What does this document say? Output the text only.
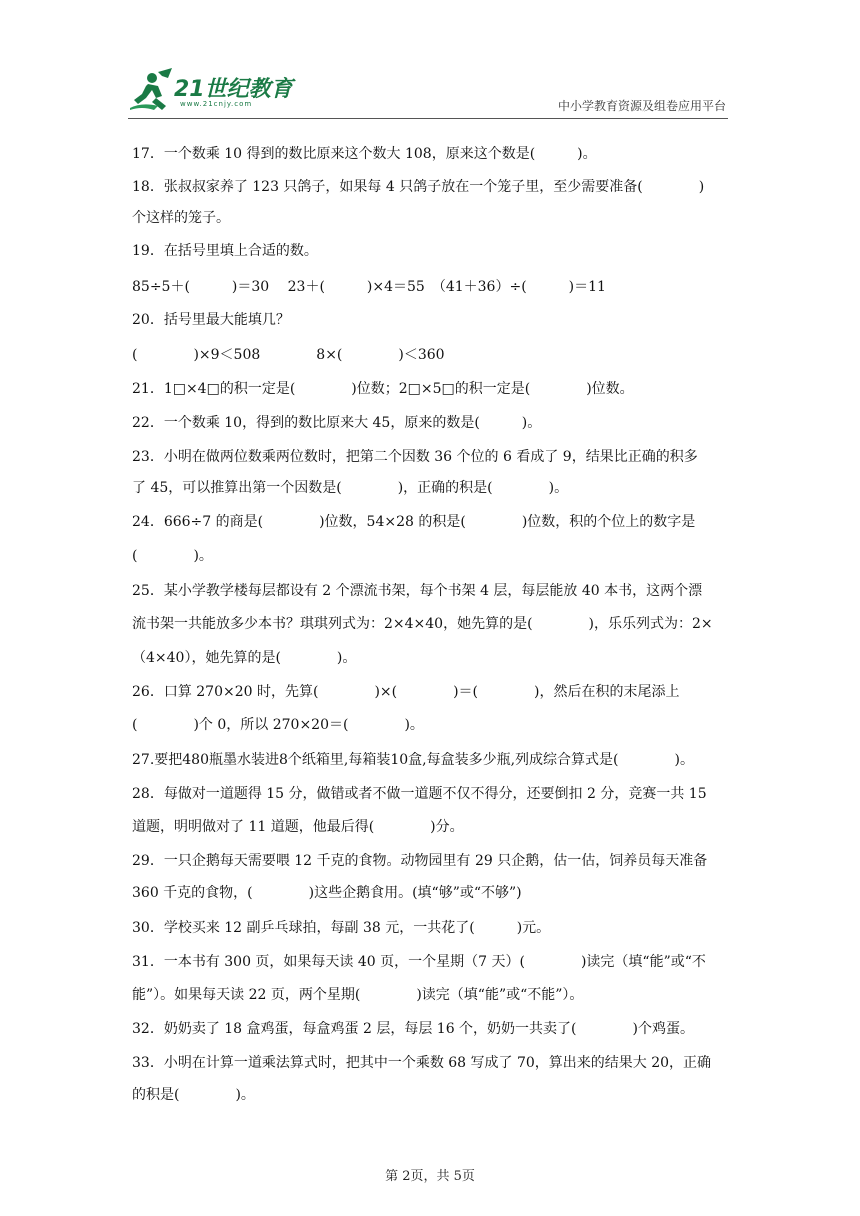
21世纪教育
www.21cnjy.com	中小学教育资源及组卷应用平台
17．一个数乘 10 得到的数比原来这个数大 108，原来这个数是(　　　)。
18．张叔叔家养了 123 只鸽子，如果每 4 只鸽子放在一个笼子里，至少需要准备(　　　　)
个这样的笼子。
19．在括号里填上合适的数。
85÷5＋(　　　)＝30　 23＋(　　　)×4＝55　（41＋36）÷(　　　)＝11
20．括号里最大能填几？
(　　　　)×9＜508　　　　8×(　　　　)＜360
21．1□×4□的积一定是(　　　　)位数；2□×5□的积一定是(　　　　)位数。
22．一个数乘 10，得到的数比原来大 45，原来的数是(　　　)。
23．小明在做两位数乘两位数时，把第二个因数 36 个位的 6 看成了 9，结果比正确的积多
了 45，可以推算出第一个因数是(　　　　)，正确的积是(　　　　)。
24．666÷7 的商是(　　　　)位数，54×28 的积是(　　　　)位数，积的个位上的数字是
(　　　　)。
25．某小学教学楼每层都设有 2 个漂流书架，每个书架 4 层，每层能放 40 本书，这两个漂
流书架一共能放多少本书？琪琪列式为：2×4×40，她先算的是(　　　　)，乐乐列式为：2×
（4×40），她先算的是(　　　　)。
26．口算 270×20 时，先算(　　　　)×(　　　　)＝(　　　　)，然后在积的末尾添上
(　　　　)个 0，所以 270×20＝(　　　　)。
27.要把480瓶墨水装进8个纸箱里,每箱装10盒,每盒装多少瓶,列成综合算式是(　　　　)。
28．每做对一道题得 15 分，做错或者不做一道题不仅不得分，还要倒扣 2 分，竞赛一共 15
道题，明明做对了 11 道题，他最后得(　　　　)分。
29．一只企鹅每天需要喂 12 千克的食物。动物园里有 29 只企鹅，估一估，饲养员每天准备
360 千克的食物，(　　　　)这些企鹅食用。(填“够”或“不够”)
30．学校买来 12 副乒乓球拍，每副 38 元，一共花了(　　　)元。
31．一本书有 300 页，如果每天读 40 页，一个星期（7 天）(　　　　)读完（填“能”或“不
能”）。如果每天读 22 页，两个星期(　　　　)读完（填“能”或“不能”）。
32．奶奶卖了 18 盒鸡蛋，每盒鸡蛋 2 层，每层 16 个，奶奶一共卖了(　　　　)个鸡蛋。
33．小明在计算一道乘法算式时，把其中一个乘数 68 写成了 70，算出来的结果大 20，正确
的积是(　　　　)。
第 2页，共 5页
